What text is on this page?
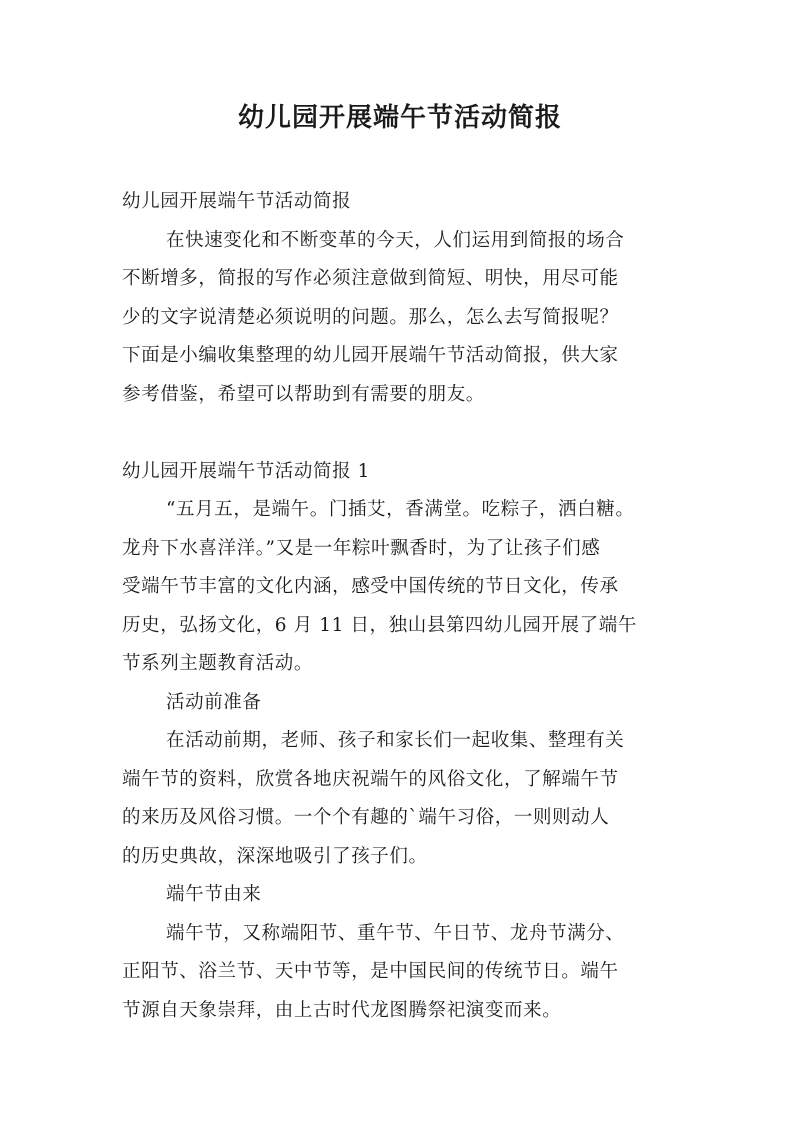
幼儿园开展端午节活动简报
幼儿园开展端午节活动简报
在快速变化和不断变革的今天，人们运用到简报的场合
不断增多，简报的写作必须注意做到简短、明快，用尽可能
少的文字说清楚必须说明的问题。那么，怎么去写简报呢？
下面是小编收集整理的幼儿园开展端午节活动简报，供大家
参考借鉴，希望可以帮助到有需要的朋友。
幼儿园开展端午节活动简报 1
“五月五，是端午。门插艾，香满堂。吃粽子，洒白糖。
龙舟下水喜洋洋。”又是一年粽叶飘香时，为了让孩子们感
受端午节丰富的文化内涵，感受中国传统的节日文化，传承
历史，弘扬文化，6 月 11 日，独山县第四幼儿园开展了端午
节系列主题教育活动。
活动前准备
在活动前期，老师、孩子和家长们一起收集、整理有关
端午节的资料，欣赏各地庆祝端午的风俗文化，了解端午节
的来历及风俗习惯。一个个有趣的`端午习俗，一则则动人
的历史典故，深深地吸引了孩子们。
端午节由来
端午节，又称端阳节、重午节、午日节、龙舟节满分、
正阳节、浴兰节、天中节等，是中国民间的传统节日。端午
节源自天象崇拜，由上古时代龙图腾祭祀演变而来。
